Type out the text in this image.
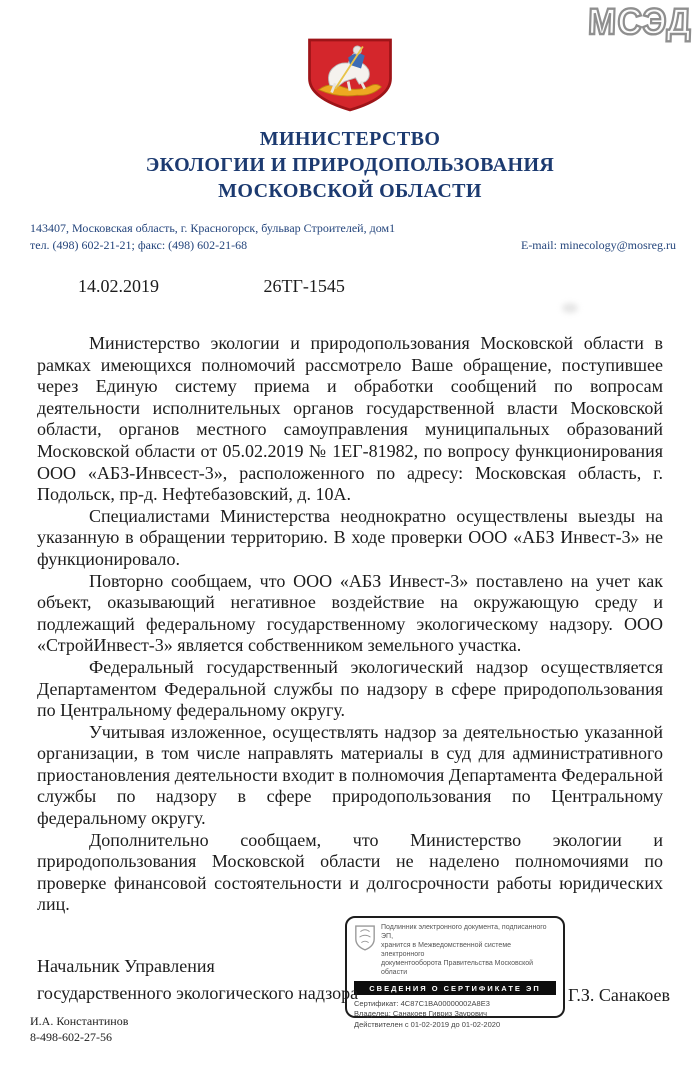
МСЭД
МИНИСТЕРСТВО
ЭКОЛОГИИ И ПРИРОДОПОЛЬЗОВАНИЯ
МОСКОВСКОЙ ОБЛАСТИ
143407, Московская область, г. Красногорск, бульвар Строителей, дом1
тел. (498) 602-21-21; факс: (498) 602-21-68	E-mail: minecology@mosreg.ru
14.02.2019	26ТГ-1545

Министерство экологии и природопользования Московской области в рамках имеющихся полномочий рассмотрело Ваше обращение, поступившее через Единую систему приема и обработки сообщений по вопросам деятельности исполнительных органов государственной власти Московской области, органов местного самоуправления муниципальных образований Московской области от 05.02.2019 № 1ЕГ-81982, по вопросу функционирования ООО «АБЗ-Инвсест-3», расположенного по адресу: Московская область, г. Подольск, пр-д. Нефтебазовский, д. 10А.

Специалистами Министерства неоднократно осуществлены выезды на указанную в обращении территорию. В ходе проверки ООО «АБЗ Инвест-3» не функционировало.

Повторно сообщаем, что ООО «АБЗ Инвест-3» поставлено на учет как объект, оказывающий негативное воздействие на окружающую среду и подлежащий федеральному государственному экологическому надзору. ООО «СтройИнвест-3» является собственником земельного участка.

Федеральный государственный экологический надзор осуществляется Департаментом Федеральной службы по надзору в сфере природопользования по Центральному федеральному округу.

Учитывая изложенное, осуществлять надзор за деятельностью указанной организации, в том числе направлять материалы в суд для административного приостановления деятельности входит в полномочия Департамента Федеральной службы по надзору в сфере природопользования по Центральному федеральному округу.

Дополнительно сообщаем, что Министерство экологии и природопользования Московской области не наделено полномочиями по проверке финансовой состоятельности и долгосрочности работы юридических лиц.

Начальник Управления
государственного экологического надзора
Подлинник электронного документа, подписанного ЭП,
хранится в Межведомственной системе электронного
документооборота Правительства Московской области
СВЕДЕНИЯ О СЕРТИФИКАТЕ ЭП
Сертификат: 4C87C1BA00000002A8E3
Владелец: Санакоев Гивриз Заурович
Действителен с 01-02-2019 до 01-02-2020
Г.З. Санакоев
И.А. Константинов
8-498-602-27-56
